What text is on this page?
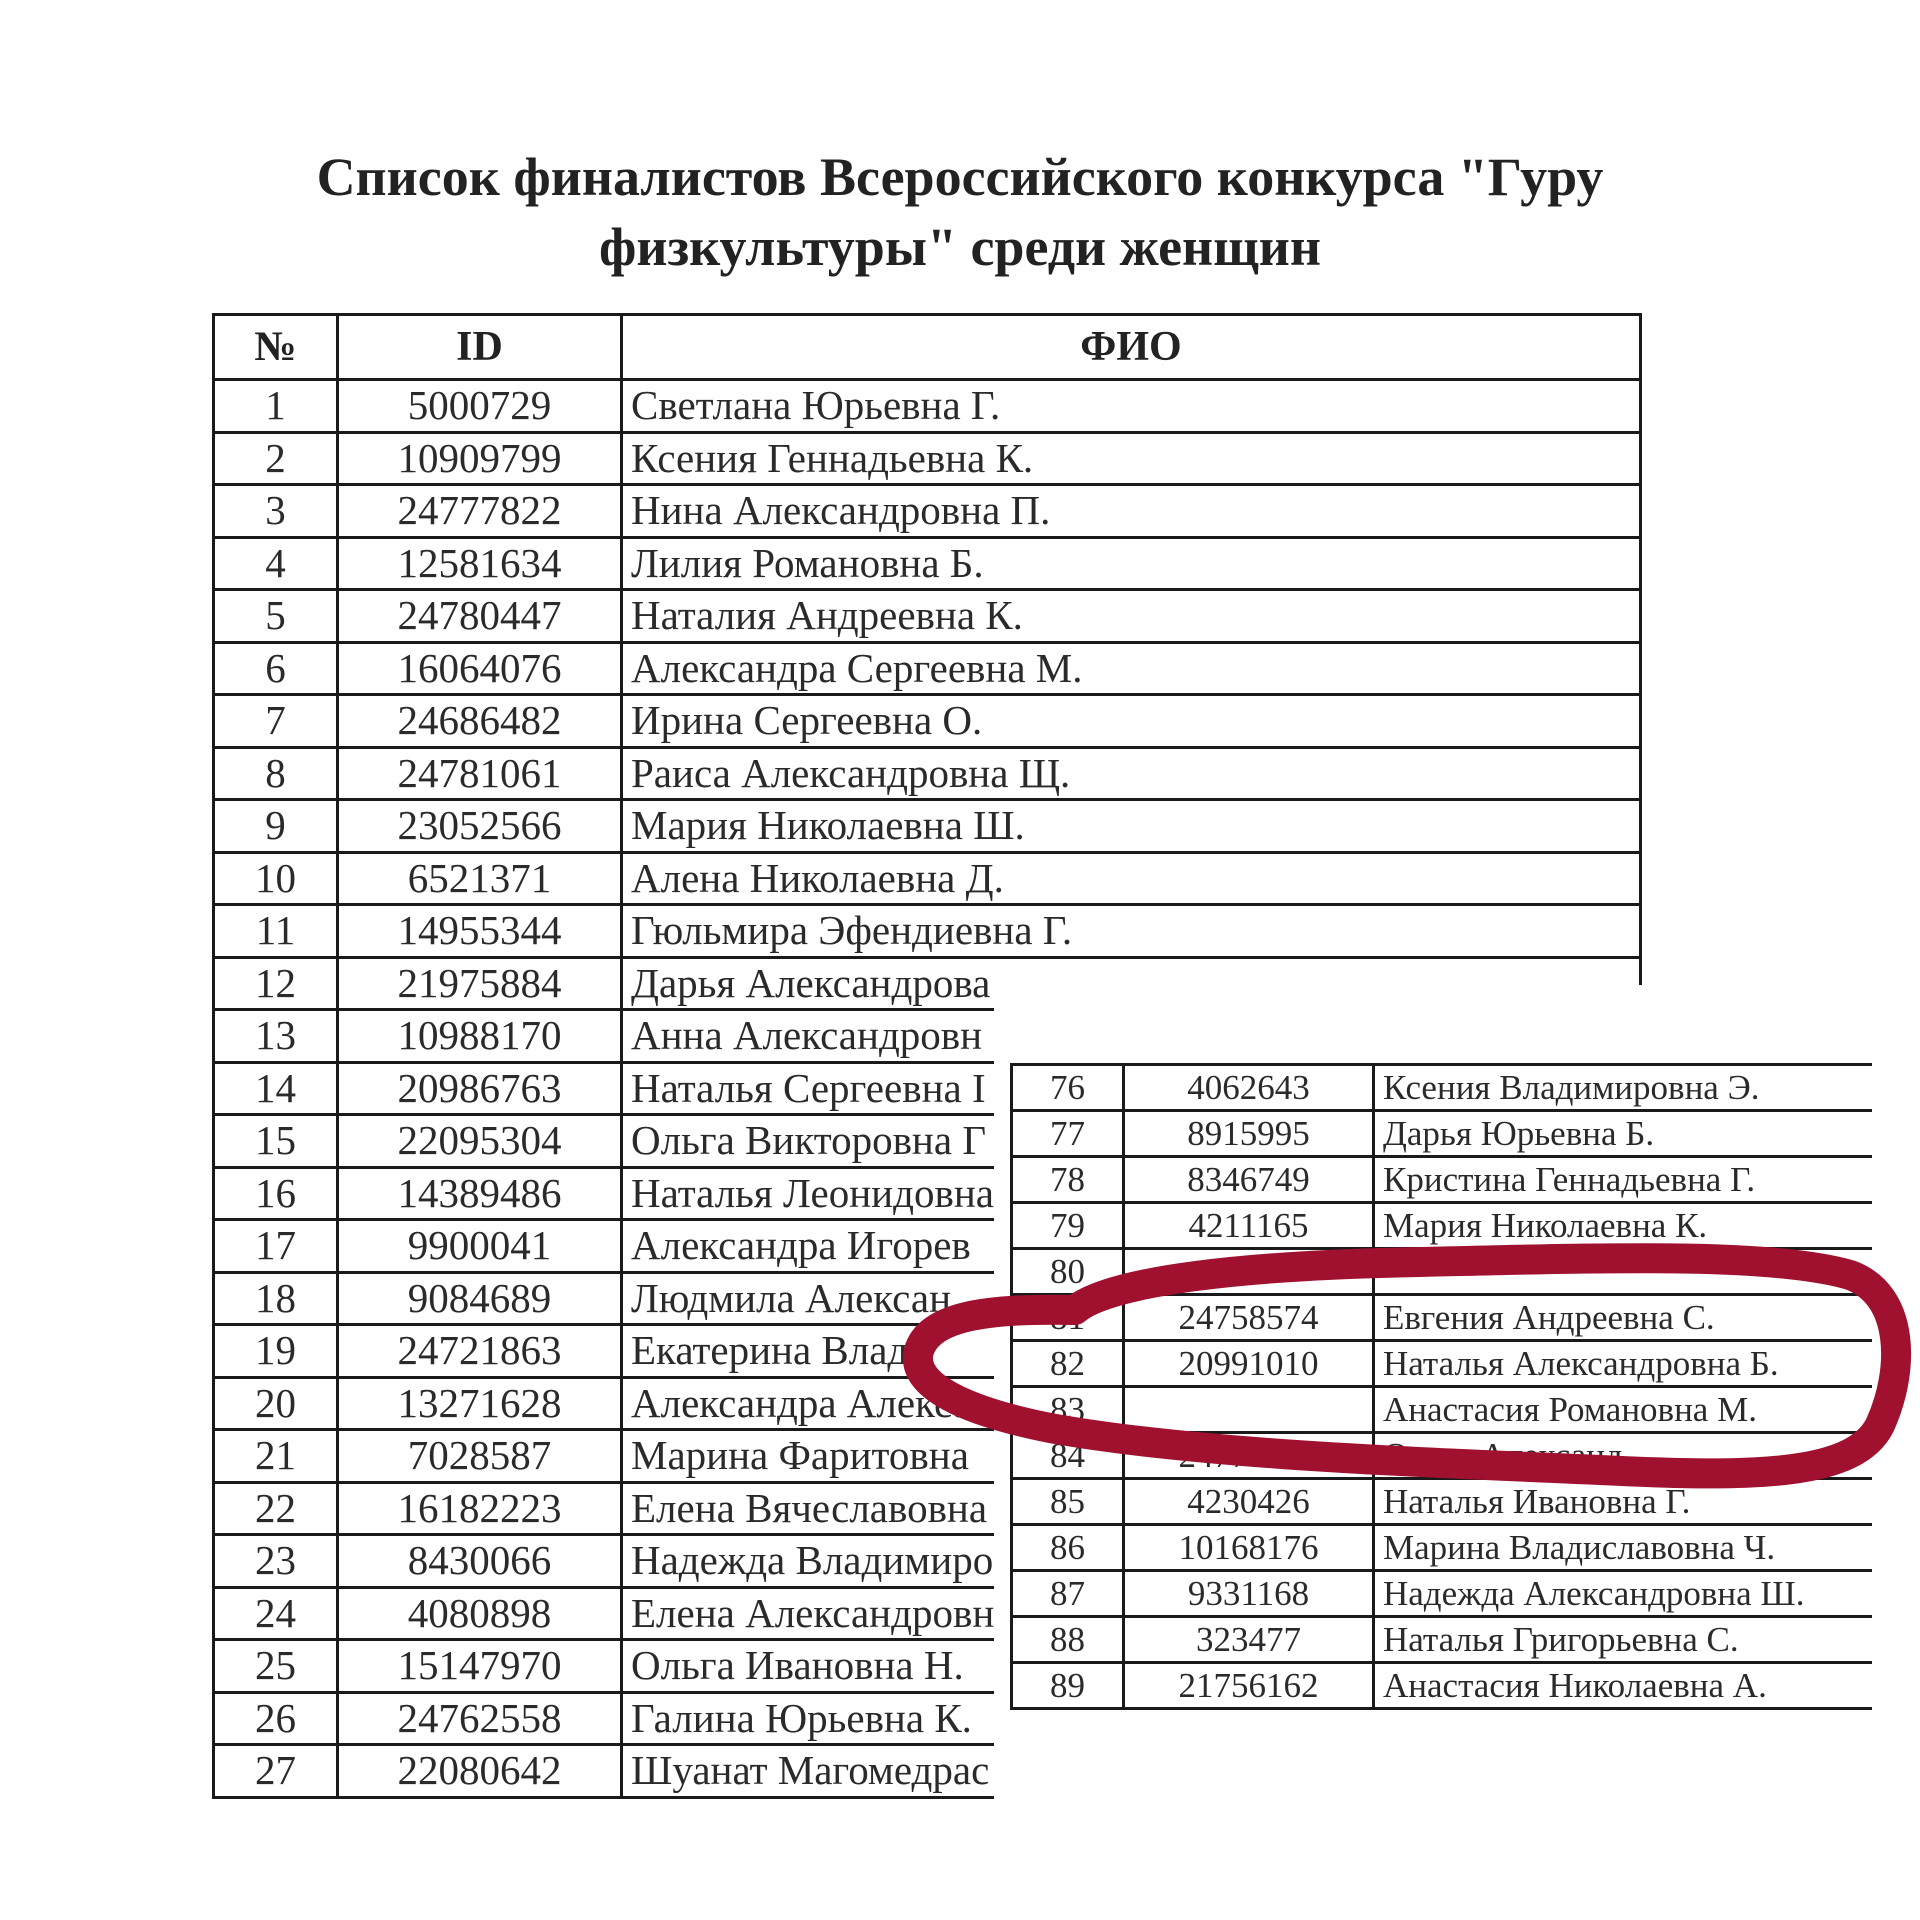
Список финалистов Всероссийского конкурса "Гуру
физкультуры" среди женщин
№	ID	ФИО
1	5000729	Светлана Юрьевна Г.
2	10909799	Ксения Геннадьевна К.
3	24777822	Нина Александровна П.
4	12581634	Лилия Романовна Б.
5	24780447	Наталия Андреевна К.
6	16064076	Александра Сергеевна М.
7	24686482	Ирина Сергеевна О.
8	24781061	Раиса Александровна Щ.
9	23052566	Мария Николаевна Ш.
10	6521371	Алена Николаевна Д.
11	14955344	Гюльмира Эфендиевна Г.
12	21975884	Дарья Александрова
13	10988170	Анна Александровн
14	20986763	Наталья Сергеевна I
15	22095304	Ольга Викторовна Г
16	14389486	Наталья Леонидовна
17	9900041	Александра Игорев
18	9084689	Людмила Алексан
19	24721863	Екатерина Влад
20	13271628	Александра Алексан
21	7028587	Марина Фаритовна
22	16182223	Елена Вячеславовна
23	8430066	Надежда Владимиро
24	4080898	Елена Александровн
25	15147970	Ольга Ивановна Н.
26	24762558	Галина Юрьевна К.
27	22080642	Шуанат Магомедрас
76	4062643	Ксения Владимировна Э.
77	8915995	Дарья Юрьевна Б.
78	8346749	Кристина Геннадьевна Г.
79	4211165	Мария Николаевна К.
80		
81	24758574	Евгения Андреевна С.
82	20991010	Наталья Александровна Б.
83		Анастасия Романовна М.
84	24777894	Ольга Александ
85	4230426	Наталья Ивановна Г.
86	10168176	Марина Владиславовна Ч.
87	9331168	Надежда Александровна Ш.
88	323477	Наталья Григорьевна С.
89	21756162	Анастасия Николаевна А.
